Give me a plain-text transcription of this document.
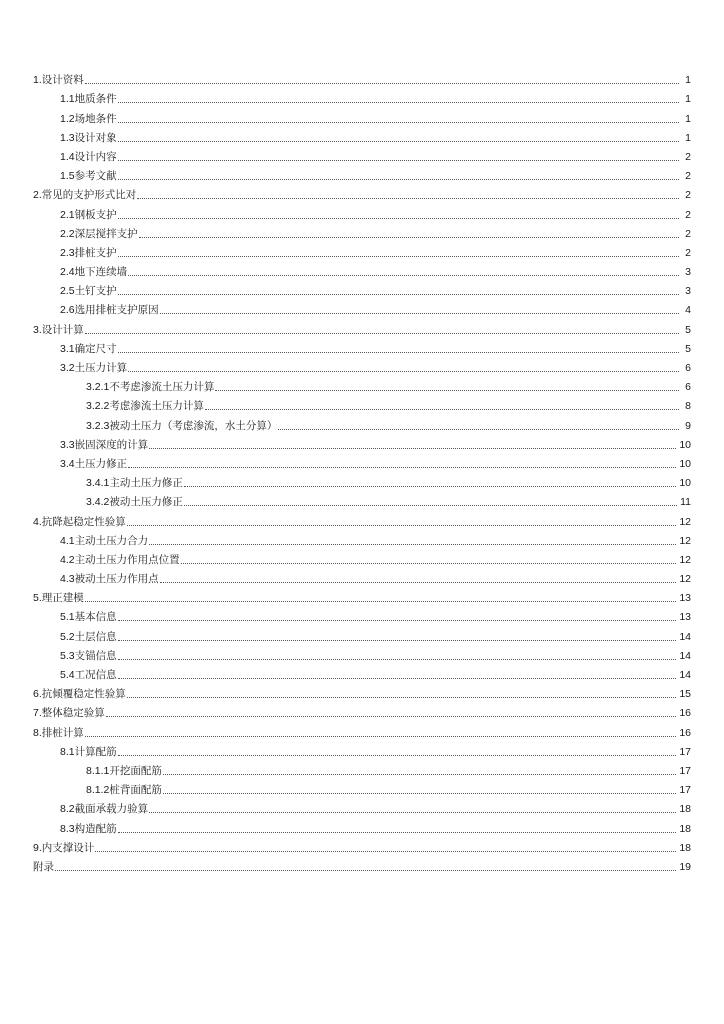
1. 设计资料	1
1.1 地质条件	1
1.2 场地条件	1
1.3 设计对象	1
1.4 设计内容	2
1.5 参考文献	2
2. 常见的支护形式比对	2
2.1 钢板支护	2
2.2 深层搅拌支护	2
2.3 排桩支护	2
2.4 地下连续墙	3
2.5 土钉支护	3
2.6 选用排桩支护原因	4
3. 设计计算	5
3.1 确定尺寸	5
3.2 土压力计算	6
3.2.1 不考虑渗流土压力计算	6
3.2.2 考虑渗流土压力计算	8
3.2.3 被动土压力（考虑渗流，水土分算）	9
3.3 嵌固深度的计算	10
3.4 土压力修正	10
3.4.1 主动土压力修正	10
3.4.2 被动土压力修正	11
4. 抗降起稳定性验算	12
4.1 主动土压力合力	12
4.2 主动土压力作用点位置	12
4.3 被动土压力作用点	12
5. 理正建模	13
5.1 基本信息	13
5.2 土层信息	14
5.3 支锚信息	14
5.4 工况信息	14
6. 抗倾覆稳定性验算	15
7. 整体稳定验算	16
8. 排桩计算	16
8.1 计算配筋	17
8.1.1 开挖面配筋	17
8.1.2 桩背面配筋	17
8.2 截面承载力验算	18
8.3 构造配筋	18
9. 内支撑设计	18
附录	19
